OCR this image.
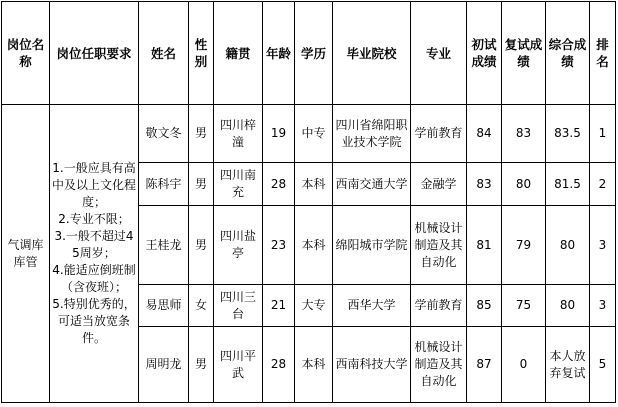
岗位名称	岗位任职要求	姓名	性别	籍贯	年龄	学历	毕业院校	专业	初试成绩	复试成绩	综合成绩	排名
气调库库管	1.一般应具有高中及以上文化程度；
2.专业不限；
3.一般不超过45周岁；
4.能适应倒班制（含夜班）；
5.特别优秀的，可适当放宽条件。	敬文冬	男	四川梓潼	19	中专	四川省绵阳职业技术学院	学前教育	84	83	83.5	1
		陈科宇	男	四川南充	28	本科	西南交通大学	金融学	83	80	81.5	2
		王桂龙	男	四川盐亭	23	本科	绵阳城市学院	机械设计制造及其自动化	81	79	80	3
		易思师	女	四川三台	21	大专	西华大学	学前教育	85	75	80	3
		周明龙	男	四川平武	28	本科	西南科技大学	机械设计制造及其自动化	87	0	本人放弃复试	5
